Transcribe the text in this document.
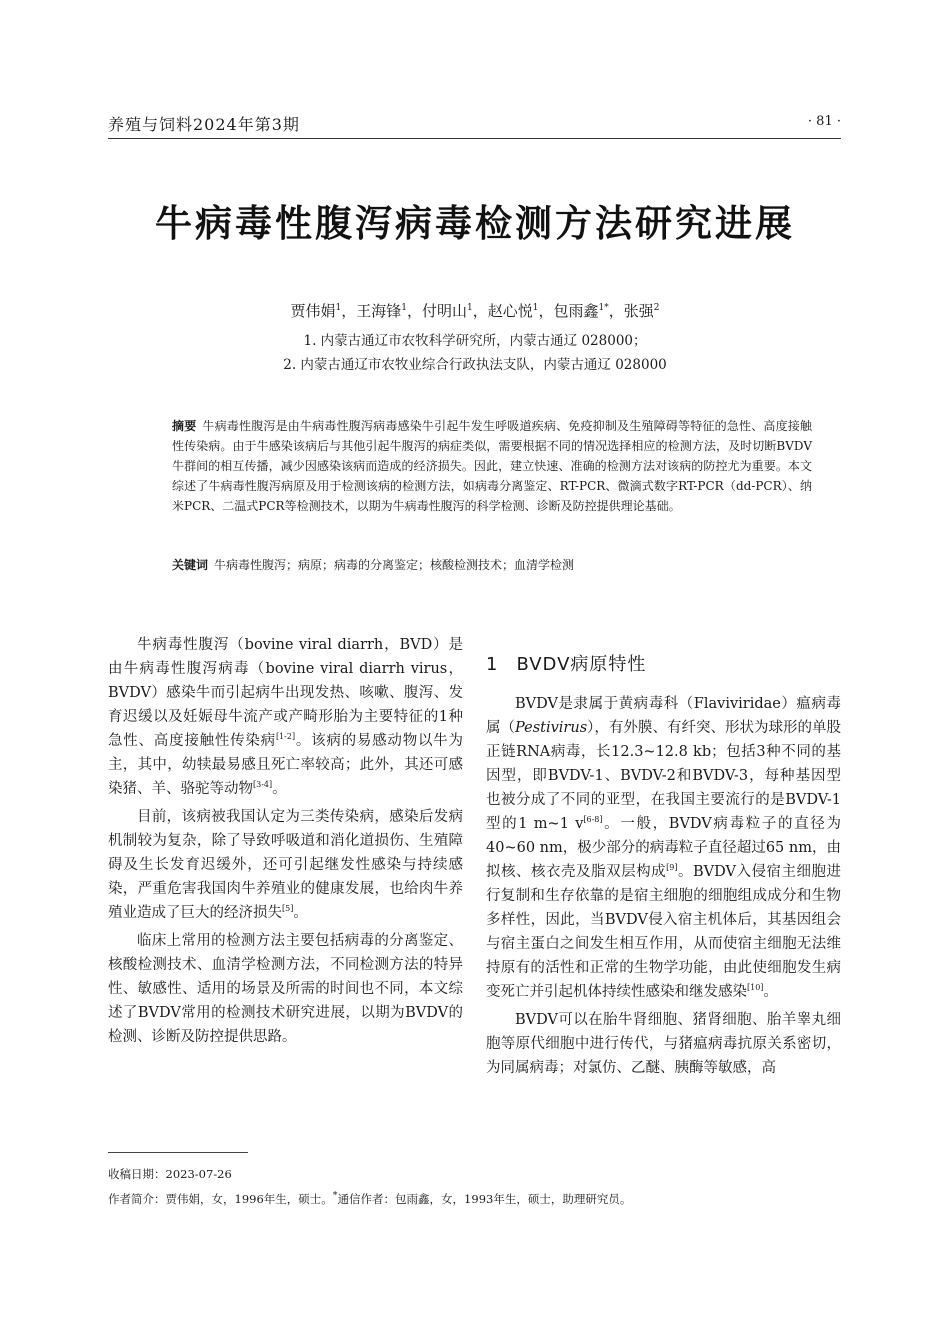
养殖与饲料2024年第3期	· 81 ·
牛病毒性腹泻病毒检测方法研究进展
贾伟娟$^1$，王海锋$^1$，付明山$^1$，赵心悦$^1$，包雨鑫$^{1*}$，张强$^2$
1. 内蒙古通辽市农牧科学研究所，内蒙古通辽 028000；
2. 内蒙古通辽市农牧业综合行政执法支队，内蒙古通辽 028000
摘要 牛病毒性腹泻是由牛病毒性腹泻病毒感染牛引起牛发生呼吸道疾病、免疫抑制及生殖障碍等特征的急性、高度接触性传染病。由于牛感染该病后与其他引起牛腹泻的病症类似，需要根据不同的情况选择相应的检测方法，及时切断BVDV牛群间的相互传播，减少因感染该病而造成的经济损失。因此，建立快速、准确的检测方法对该病的防控尤为重要。本文综述了牛病毒性腹泻病原及用于检测该病的检测方法，如病毒分离鉴定、RT-PCR、微滴式数字RT-PCR（dd-PCR）、纳米PCR、二温式PCR等检测技术，以期为牛病毒性腹泻的科学检测、诊断及防控提供理论基础。
关键词 牛病毒性腹泻；病原；病毒的分离鉴定；核酸检测技术；血清学检测

牛病毒性腹泻（bovine viral diarrh，BVD）是由牛病毒性腹泻病毒（bovine viral diarrh virus，BVDV）感染牛而引起病牛出现发热、咳嗽、腹泻、发育迟缓以及妊娠母牛流产或产畸形胎为主要特征的1种急性、高度接触性传染病[1-2]。该病的易感动物以牛为主，其中，幼犊最易感且死亡率较高；此外，其还可感染猪、羊、骆驼等动物[3-4]。

目前，该病被我国认定为三类传染病，感染后发病机制较为复杂，除了导致呼吸道和消化道损伤、生殖障碍及生长发育迟缓外，还可引起继发性感染与持续感染，严重危害我国肉牛养殖业的健康发展，也给肉牛养殖业造成了巨大的经济损失[5]。

临床上常用的检测方法主要包括病毒的分离鉴定、核酸检测技术、血清学检测方法，不同检测方法的特异性、敏感性、适用的场景及所需的时间也不同，本文综述了BVDV常用的检测技术研究进展，以期为BVDV的检测、诊断及防控提供思路。

1 BVDV病原特性

BVDV是隶属于黄病毒科（Flaviviridae）瘟病毒属（Pestivirus），有外膜、有纤突、形状为球形的单股正链RNA病毒，长12.3~12.8 kb；包括3种不同的基因型，即BVDV-1、BVDV-2和BVDV-3，每种基因型也被分成了不同的亚型，在我国主要流行的是BVDV-1型的1 m~1 v[6-8]。一般，BVDV病毒粒子的直径为40~60 nm，极少部分的病毒粒子直径超过65 nm，由拟核、核衣壳及脂双层构成[9]。BVDV入侵宿主细胞进行复制和生存依靠的是宿主细胞的细胞组成成分和生物多样性，因此，当BVDV侵入宿主机体后，其基因组会与宿主蛋白之间发生相互作用，从而使宿主细胞无法维持原有的活性和正常的生物学功能，由此使细胞发生病变死亡并引起机体持续性感染和继发感染[10]。

BVDV可以在胎牛肾细胞、猪肾细胞、胎羊睾丸细胞等原代细胞中进行传代，与猪瘟病毒抗原关系密切，为同属病毒；对氯仿、乙醚、胰酶等敏感，高

收稿日期：2023-07-26
作者简介：贾伟娟，女，1996年生，硕士。*通信作者：包雨鑫，女，1993年生，硕士，助理研究员。
